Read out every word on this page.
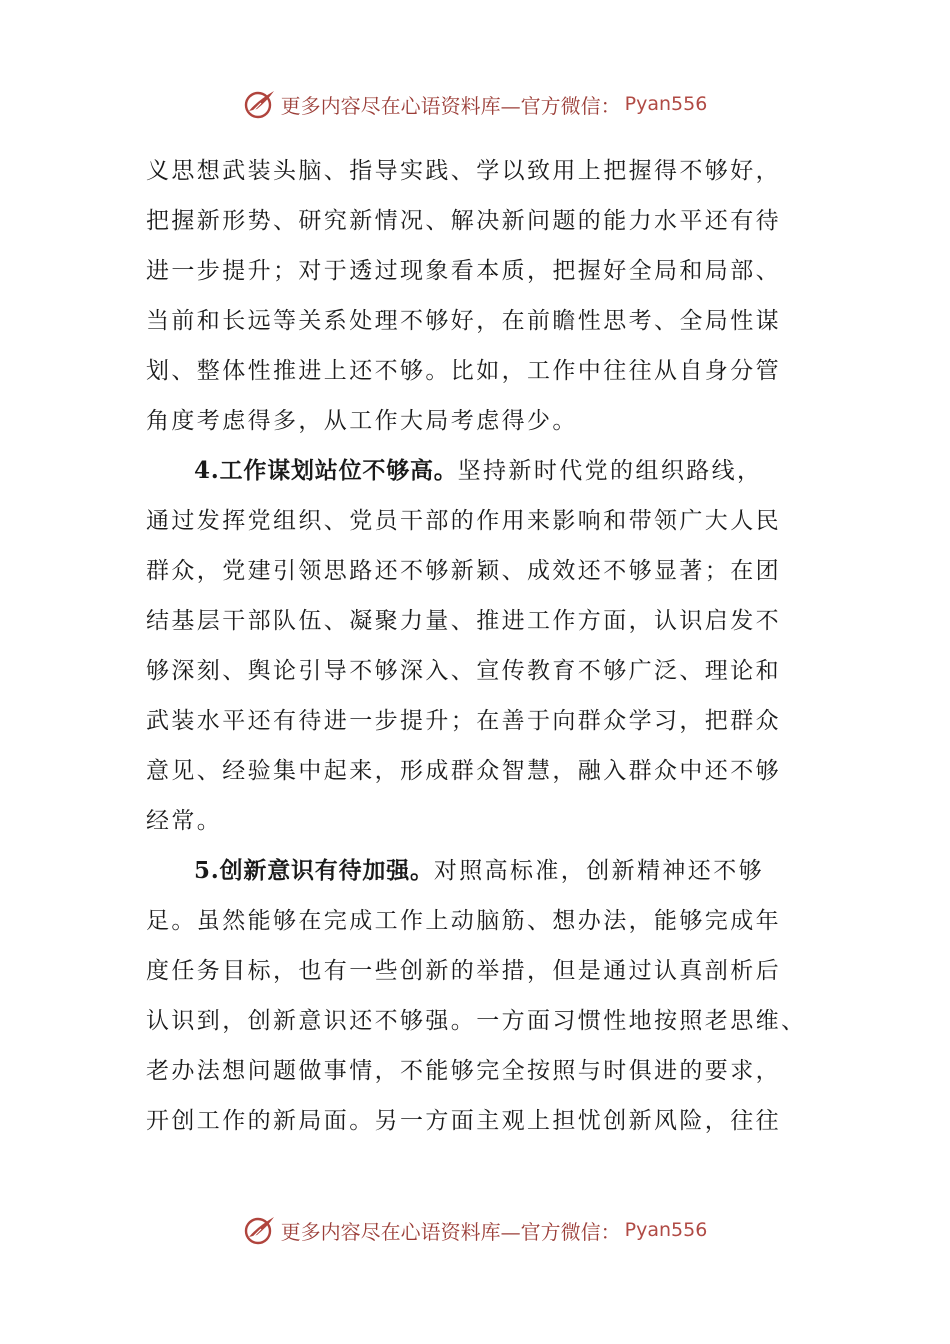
更多内容尽在心语资料库—官方微信： Pyan556
义思想武装头脑、指导实践、学以致用上把握得不够好，
把握新形势、研究新情况、解决新问题的能力水平还有待
进一步提升；对于透过现象看本质，把握好全局和局部、
当前和长远等关系处理不够好，在前瞻性思考、全局性谋
划、整体性推进上还不够。比如，工作中往往从自身分管
角度考虑得多，从工作大局考虑得少。
4.工作谋划站位不够高。坚持新时代党的组织路线，
通过发挥党组织、党员干部的作用来影响和带领广大人民
群众，党建引领思路还不够新颖、成效还不够显著；在团
结基层干部队伍、凝聚力量、推进工作方面，认识启发不
够深刻、舆论引导不够深入、宣传教育不够广泛、理论和
武装水平还有待进一步提升；在善于向群众学习，把群众
意见、经验集中起来，形成群众智慧，融入群众中还不够
经常。
5.创新意识有待加强。对照高标准，创新精神还不够
足。虽然能够在完成工作上动脑筋、想办法，能够完成年
度任务目标，也有一些创新的举措，但是通过认真剖析后
认识到，创新意识还不够强。一方面习惯性地按照老思维、
老办法想问题做事情，不能够完全按照与时俱进的要求，
开创工作的新局面。另一方面主观上担忧创新风险，往往
更多内容尽在心语资料库—官方微信： Pyan556
